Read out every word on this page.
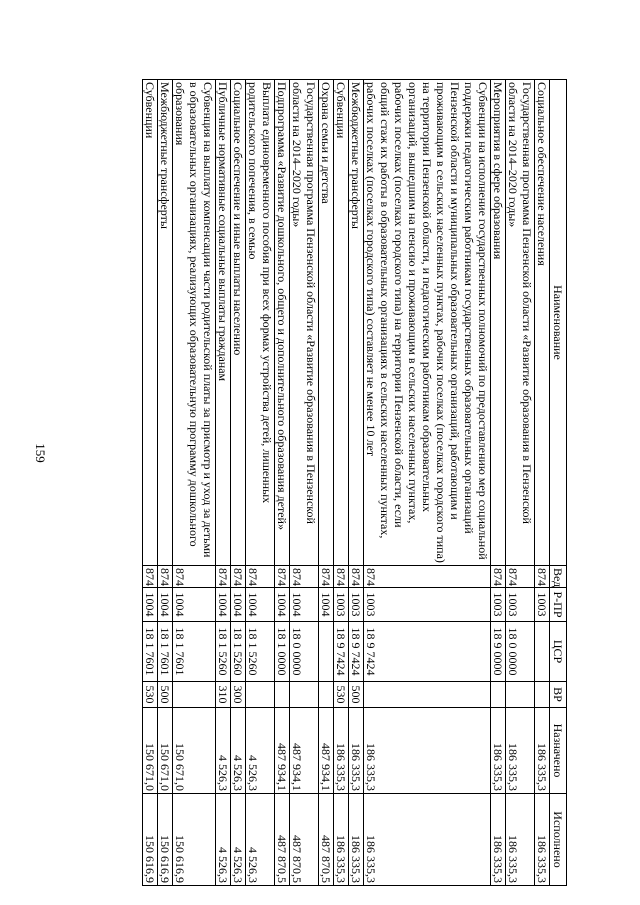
159
Наименование	Вед	Р-ПР	ЦСР	ВР	Назначено	Исполнено
Социальное обеспечение населения	874	1003			186 335,3	186 335,3
Государственная программа Пензенской области «Развитие образования в Пензенской области на 2014–2020 годы»	874	1003	18 0 0000		186 335,3	186 335,3
Мероприятия в сфере образования	874	1003	18 9 0000		186 335,3	186 335,3
Субвенции на исполнение государственных полномочий по предоставлению мер социальной поддержки педагогическим работникам государственных образовательных организаций Пензенской области и муниципальных образовательных организаций, работающим и проживающим в сельских населенных пунктах, рабочих поселках (поселках городского типа) на территории Пензенской области, и педагогическим работникам образовательных организаций, вышедшим на пенсию и проживающим в сельских населенных пунктах, рабочих поселках (поселках городского типа) на территории Пензенской области, если общий стаж их работы в образовательных организациях в сельских населенных пунктах, рабочих поселках (поселках городского типа) составляет не менее 10 лет	874	1003	18 9 7424		186 335,3	186 335,3
Межбюджетные трансферты	874	1003	18 9 7424	500	186 335,3	186 335,3
Субвенции	874	1003	18 9 7424	530	186 335,3	186 335,3
Охрана семьи и детства	874	1004			487 934,1	487 870,5
Государственная программа Пензенской области «Развитие образования в Пензенской области на 2014–2020 годы»	874	1004	18 0 0000		487 934,1	487 870,5
Подпрограмма «Развитие дошкольного, общего и дополнительного образования детей»	874	1004	18 1 0000		487 934,1	487 870,5
Выплата единовременного пособия при всех формах устройства детей, лишенных родительского попечения, в семью	874	1004	18 1 5260		4 526,3	4 526,3
Социальное обеспечение и иные выплаты населению	874	1004	18 1 5260	300	4 526,3	4 526,3
Публичные нормативные социальные выплаты гражданам	874	1004	18 1 5260	310	4 526,3	4 526,3
Субвенция на выплату компенсации части родительской платы за присмотр и уход за детьми в образовательных организациях, реализующих образовательную программу дошкольного образования	874	1004	18 1 7601		150 671,0	150 616,9
Межбюджетные трансферты	874	1004	18 1 7601	500	150 671,0	150 616,9
Субвенции	874	1004	18 1 7601	530	150 671,0	150 616,9
